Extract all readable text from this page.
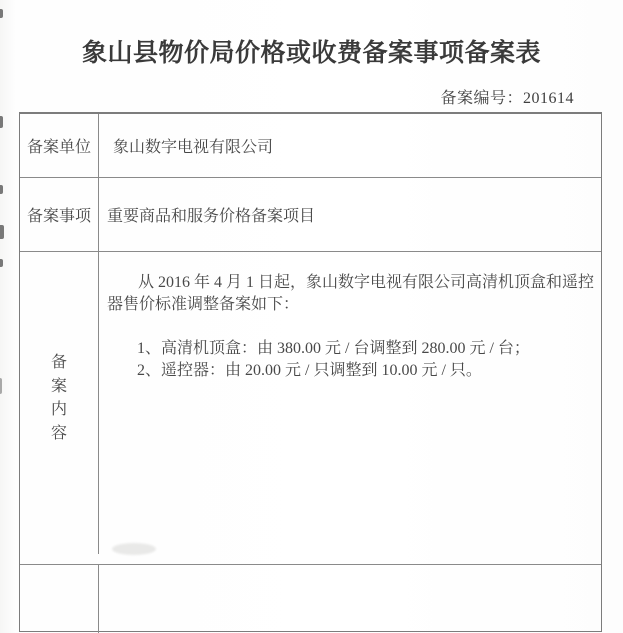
象山县物价局价格或收费备案事项备案表
备案编号：201614
备案单位	象山数字电视有限公司
备案事项	重要商品和服务价格备案项目
备
案
内
容
从 2016 年 4 月 1 日起，象山数字电视有限公司高清机顶盒和遥控
器售价标准调整备案如下：
1、高清机顶盒：由 380.00 元 / 台调整到 280.00 元 / 台；
2、遥控器：由 20.00 元 / 只调整到 10.00 元 / 只。
